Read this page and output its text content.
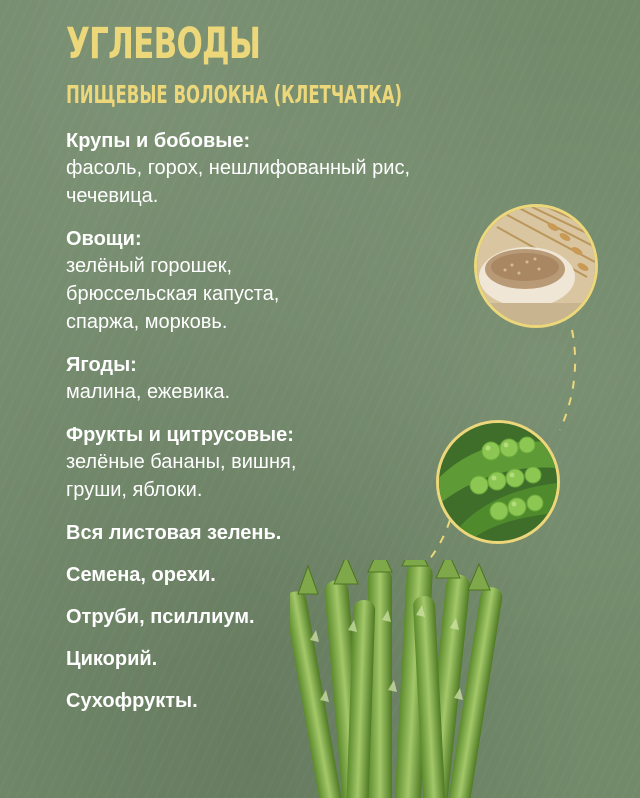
УГЛЕВОДЫ
ПИЩЕВЫЕ ВОЛОКНА (КЛЕТЧАТКА)

Крупы и бобовые:

фасоль, горох, нешлифованный рис,

чечевица.

Овощи:

зелёный горошек,

брюссельская капуста,

спаржа, морковь.

Ягоды:

малина, ежевика.

Фрукты и цитрусовые:

зелёные бананы, вишня,

груши, яблоки.

Вся листовая зелень.

Семена, орехи.

Отруби, псиллиум.

Цикорий.

Сухофрукты.
